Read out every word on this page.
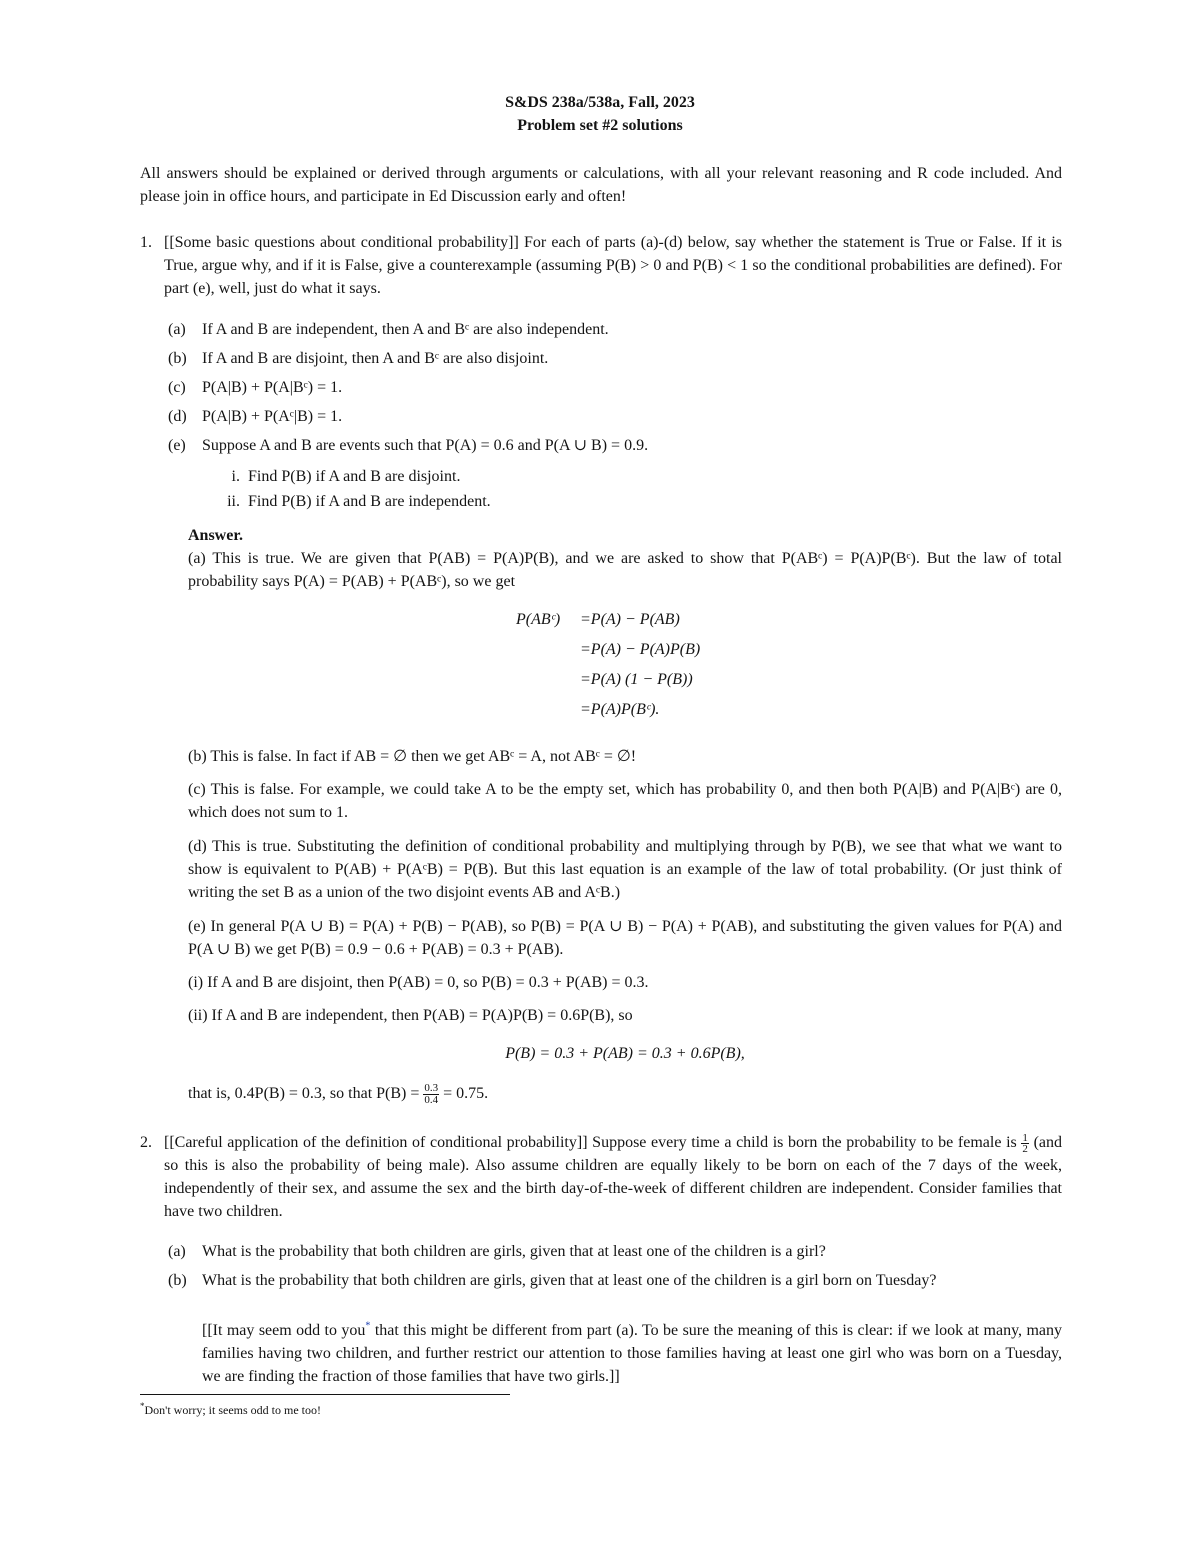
S&DS 238a/538a, Fall, 2023
Problem set #2 solutions
All answers should be explained or derived through arguments or calculations, with all your relevant reasoning and R code included. And please join in office hours, and participate in Ed Discussion early and often!
1. [[Some basic questions about conditional probability]] For each of parts (a)-(d) below, say whether the statement is True or False. If it is True, argue why, and if it is False, give a counterexample (assuming P(B) > 0 and P(B) < 1 so the conditional probabilities are defined). For part (e), well, just do what it says.
(a)	If A and B are independent, then A and Bᶜ are also independent.
(b) If A and B are disjoint, then A and Bᶜ are also disjoint.
(c)	P(A|B) + P(A|Bᶜ) = 1.
(d) P(A|B) + P(Aᶜ|B) = 1.
(e)	Suppose A and B are events such that P(A) = 0.6 and P(A ∪ B) = 0.9.
i. Find P(B) if A and B are disjoint.
ii. Find P(B) if A and B are independent.
Answer.
(a) This is true. We are given that P(AB) = P(A)P(B), and we are asked to show that P(ABᶜ) = P(A)P(Bᶜ). But the law of total probability says P(A) = P(AB) + P(ABᶜ), so we get
P(ABᶜ) =P(A) − P(AB)
=P(A) − P(A)P(B)
=P(A) (1 − P(B))
=P(A)P(Bᶜ).
(b) This is false. In fact if AB = ∅ then we get ABᶜ = A, not ABᶜ = ∅!
(c) This is false. For example, we could take A to be the empty set, which has probability 0, and then both P(A|B) and P(A|Bᶜ) are 0, which does not sum to 1.
(d) This is true. Substituting the definition of conditional probability and multiplying through by P(B), we see that what we want to show is equivalent to P(AB) + P(AᶜB) = P(B). But this last equation is an example of the law of total probability. (Or just think of writing the set B as a union of the two disjoint events AB and AᶜB.)
(e) In general P(A ∪ B) = P(A) + P(B) − P(AB), so P(B) = P(A ∪ B) − P(A) + P(AB), and substituting the given values for P(A) and P(A ∪ B) we get P(B) = 0.9 − 0.6 + P(AB) = 0.3 + P(AB).
(i) If A and B are disjoint, then P(AB) = 0, so P(B) = 0.3 + P(AB) = 0.3.
(ii) If A and B are independent, then P(AB) = P(A)P(B) = 0.6P(B), so
P(B) = 0.3 + P(AB) = 0.3 + 0.6P(B),
that is, 0.4P(B) = 0.3, so that $P(B) = \frac{0.3}{0.4} = 0.75$.
2. [[Careful application of the definition of conditional probability]] Suppose every time a child is born the probability to be female is $\frac{1}{2} (and$ so this is also the probability of being male). Also assume children are equally likely to be born on each of the 7 days of the week, independently of their sex, and assume the sex and the birth day-of-the-week of different children are independent. Consider families that have two children.
(a)	What is the probability that both children are girls, given that at least one of the children is a girl?
(b) What is the probability that both children are girls, given that at least one of the children is a girl born on Tuesday?
[[It may seem odd to you* that this might be different from part (a). To be sure the meaning of this is clear: if we look at many, many families having two children, and further restrict our attention to those families having at least one girl who was born on a Tuesday, we are finding the fraction of those families that have two girls.]]
*Don't worry; it seems odd to me too!
